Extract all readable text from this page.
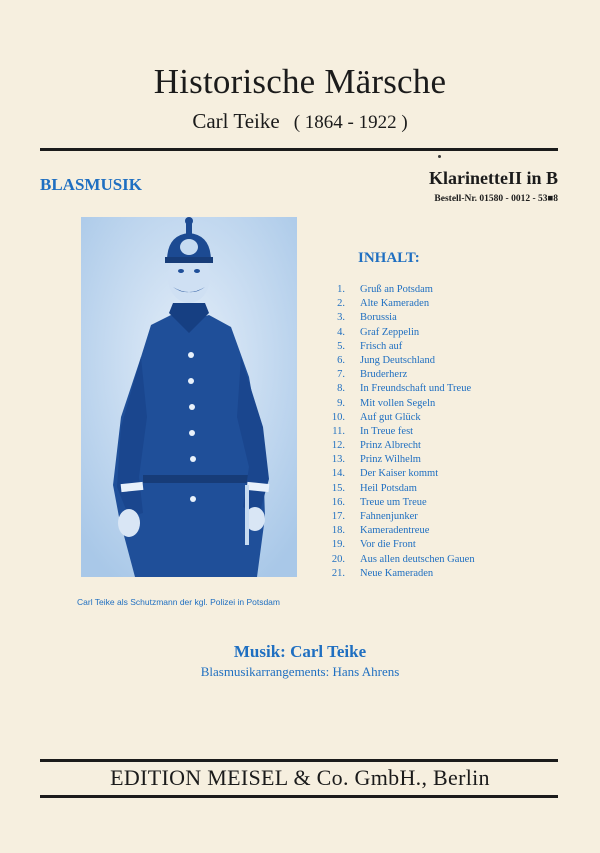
Historische Märsche
Carl Teike ( 1864 - 1922 )
BLASMUSIK	KlarinetteII in B
Bestell-Nr. 01580 - 0012 - 53■8
Carl Teike als Schutzmann der kgl. Polizei in Potsdam
INHALT:
1. Gruß an Potsdam
2. Alte Kameraden
3. Borussia
4. Graf Zeppelin
5. Frisch auf
6. Jung Deutschland
7. Bruderherz
8. In Freundschaft und Treue
9. Mit vollen Segeln
10. Auf gut Glück
11. In Treue fest
12. Prinz Albrecht
13. Prinz Wilhelm
14. Der Kaiser kommt
15. Heil Potsdam
16. Treue um Treue
17. Fahnenjunker
18. Kameradentreue
19. Vor die Front
20. Aus allen deutschen Gauen
21. Neue Kameraden
Musik: Carl Teike
Blasmusikarrangements: Hans Ahrens
EDITION MEISEL & Co. GmbH., Berlin
